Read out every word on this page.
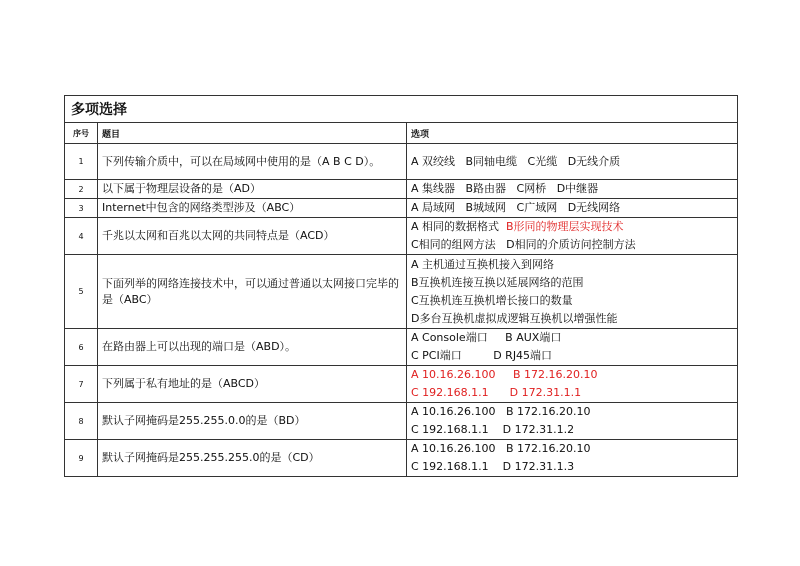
多项选择		
序号	题目	选项
1	下列传输介质中，可以在局域网中使用的是（A B C D）。	A 双绞线   B同轴电缆   C光缆   D无线介质

2	以下属于物理层设备的是（AD）	A 集线器   B路由器   C网桥   D中继器

3	Internet中包含的网络类型涉及（ABC）	A 局域网   B城域网   C广域网   D无线网络

4	千兆以太网和百兆以太网的共同特点是（ACD）	A 相同的数据格式  B形同的物理层实现技术
C相同的组网方法   D相同的介质访问控制方法

5	下面列举的网络连接技术中，可以通过普通以太网接口完毕的是（ABC）	A 主机通过互换机接入到网络
B互换机连接互换以延展网络的范围
C互换机连互换机增长接口的数量
D多台互换机虚拟成逻辑互换机以增强性能

6	在路由器上可以出现的端口是（ABD）。	A Console端口     B AUX端口
C PCI端口         D RJ45端口

7	下列属于私有地址的是（ABCD）	A 10.16.26.100     B 172.16.20.10
C 192.168.1.1      D 172.31.1.1

8	默认子网掩码是255.255.0.0的是（BD）	A 10.16.26.100   B 172.16.20.10
C 192.168.1.1    D 172.31.1.2

9	默认子网掩码是255.255.255.0的是（CD）	A 10.16.26.100   B 172.16.20.10
C 192.168.1.1    D 172.31.1.3
